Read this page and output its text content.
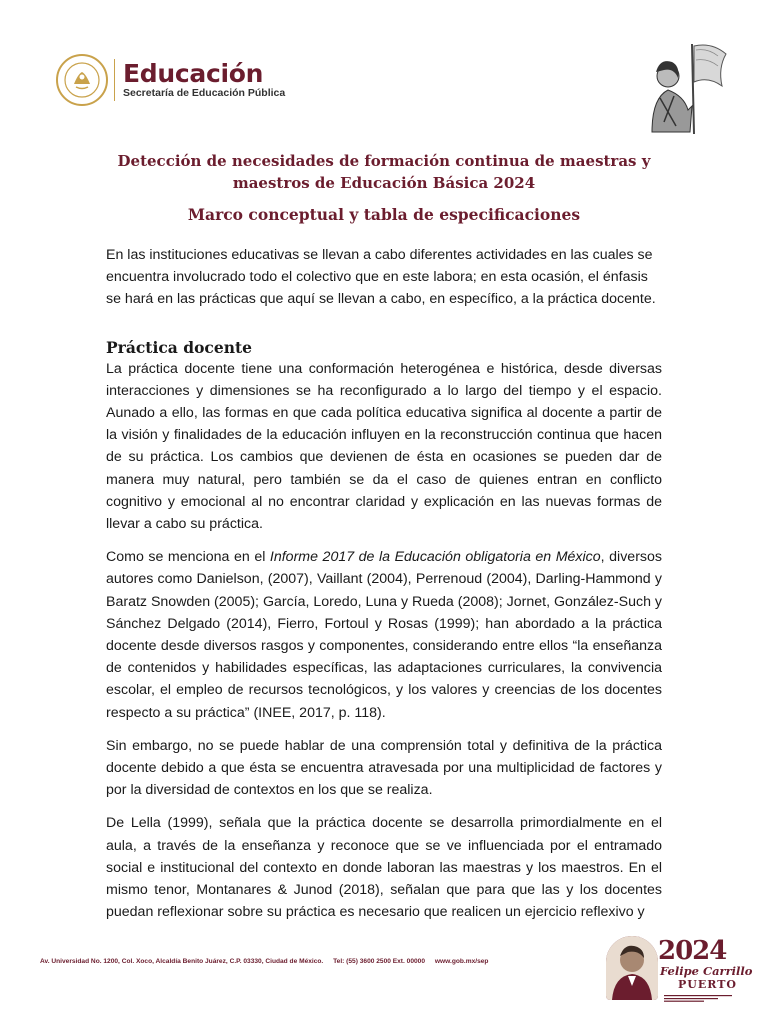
Educación
Secretaría de Educación Pública

Detección de necesidades de formación continua de maestras y
maestros de Educación Básica 2024

Marco conceptual y tabla de especificaciones

En las instituciones educativas se llevan a cabo diferentes actividades en las cuales se encuentra involucrado todo el colectivo que en este labora; en esta ocasión, el énfasis se hará en las prácticas que aquí se llevan a cabo, en específico, a la práctica docente.

Práctica docente

La práctica docente tiene una conformación heterogénea e histórica, desde diversas interacciones y dimensiones se ha reconfigurado a lo largo del tiempo y el espacio. Aunado a ello, las formas en que cada política educativa significa al docente a partir de la visión y finalidades de la educación influyen en la reconstrucción continua que hacen de su práctica. Los cambios que devienen de ésta en ocasiones se pueden dar de manera muy natural, pero también se da el caso de quienes entran en conflicto cognitivo y emocional al no encontrar claridad y explicación en las nuevas formas de llevar a cabo su práctica.

Como se menciona en el Informe 2017 de la Educación obligatoria en México, diversos autores como Danielson, (2007), Vaillant (2004), Perrenoud (2004), Darling-Hammond y Baratz Snowden (2005); García, Loredo, Luna y Rueda (2008); Jornet, González-Such y Sánchez Delgado (2014), Fierro, Fortoul y Rosas (1999); han abordado a la práctica docente desde diversos rasgos y componentes, considerando entre ellos “la enseñanza de contenidos y habilidades específicas, las adaptaciones curriculares, la convivencia escolar, el empleo de recursos tecnológicos, y los valores y creencias de los docentes respecto a su práctica” (INEE, 2017, p. 118).

Sin embargo, no se puede hablar de una comprensión total y definitiva de la práctica docente debido a que ésta se encuentra atravesada por una multiplicidad de factores y por la diversidad de contextos en los que se realiza.

De Lella (1999), señala que la práctica docente se desarrolla primordialmente en el aula, a través de la enseñanza y reconoce que se ve influenciada por el entramado social e institucional del contexto en donde laboran las maestras y los maestros. En el mismo tenor, Montanares & Junod (2018), señalan que para que las y los docentes puedan reflexionar sobre su práctica es necesario que realicen un ejercicio reflexivo y

Av. Universidad No. 1200, Col. Xoco, Alcaldía Benito Juárez, C.P. 03330, Ciudad de México. Tel: (55) 3600 2500 Ext. 00000 www.gob.mx/sep	2024
Felipe Carrillo
PUERTO
